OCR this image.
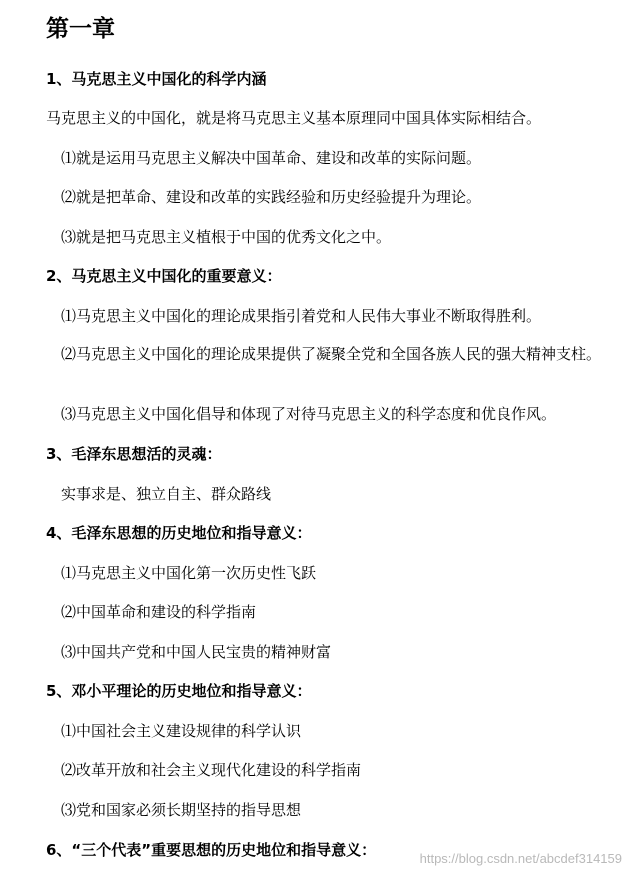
第一章
1、马克思主义中国化的科学内涵
马克思主义的中国化，就是将马克思主义基本原理同中国具体实际相结合。
⑴就是运用马克思主义解决中国革命、建设和改革的实际问题。
⑵就是把革命、建设和改革的实践经验和历史经验提升为理论。
⑶就是把马克思主义植根于中国的优秀文化之中。
2、马克思主义中国化的重要意义：
⑴马克思主义中国化的理论成果指引着党和人民伟大事业不断取得胜利。
⑵马克思主义中国化的理论成果提供了凝聚全党和全国各族人民的强大精神支柱。
⑶马克思主义中国化倡导和体现了对待马克思主义的科学态度和优良作风。
3、毛泽东思想活的灵魂：
实事求是、独立自主、群众路线
4、毛泽东思想的历史地位和指导意义：
⑴马克思主义中国化第一次历史性飞跃
⑵中国革命和建设的科学指南
⑶中国共产党和中国人民宝贵的精神财富
5、邓小平理论的历史地位和指导意义：
⑴中国社会主义建设规律的科学认识
⑵改革开放和社会主义现代化建设的科学指南
⑶党和国家必须长期坚持的指导思想
6、“三个代表”重要思想的历史地位和指导意义：	https://blog.csdn.net/abcdef314159
